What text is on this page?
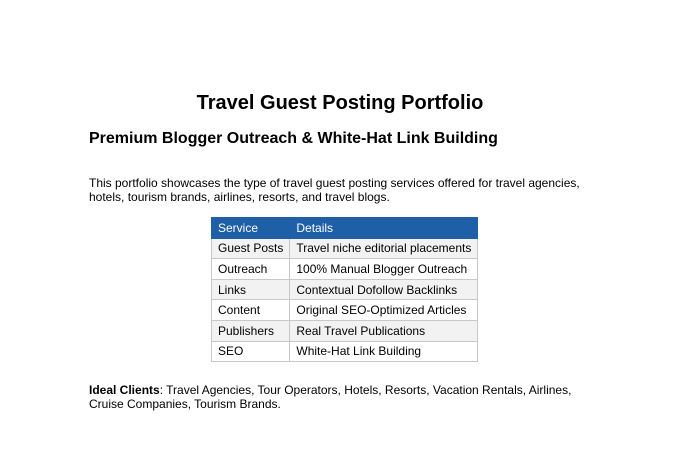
Travel Guest Posting Portfolio
Premium Blogger Outreach & White-Hat Link Building

This portfolio showcases the type of travel guest posting services offered for travel agencies, hotels, tourism brands, airlines, resorts, and travel blogs.

Service	Details
Guest Posts	Travel niche editorial placements
Outreach	100% Manual Blogger Outreach
Links	Contextual Dofollow Backlinks
Content	Original SEO-Optimized Articles
Publishers	Real Travel Publications
SEO	White-Hat Link Building

Ideal Clients: Travel Agencies, Tour Operators, Hotels, Resorts, Vacation Rentals, Airlines, Cruise Companies, Tourism Brands.
